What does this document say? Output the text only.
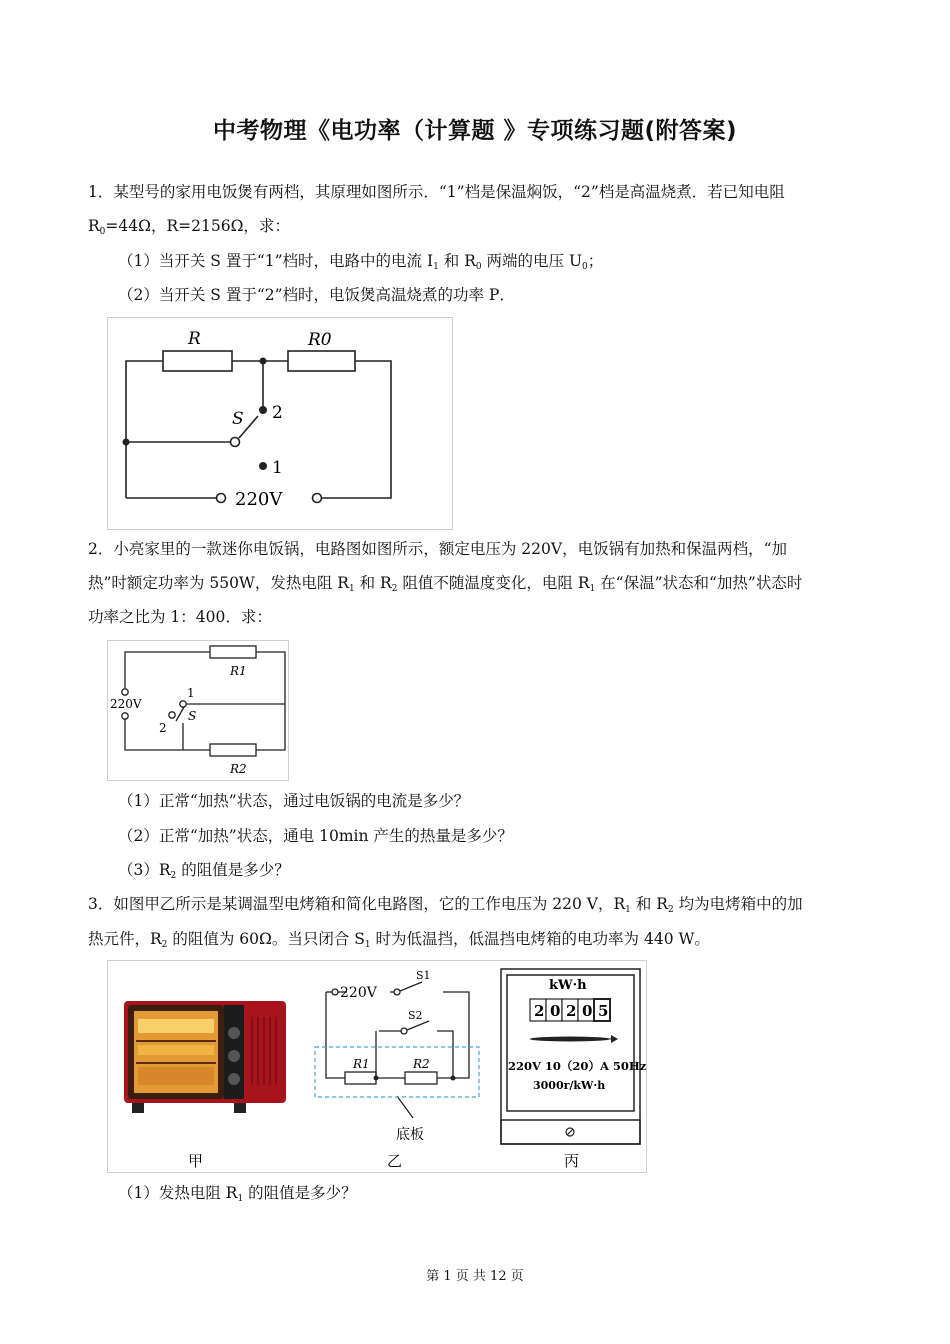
中考物理《电功率（计算题 》专项练习题(附答案)
1．某型号的家用电饭煲有两档，其原理如图所示．“1”档是保温焖饭，“2”档是高温烧煮．若已知电阻
$R_0=44\Omega$，R=2156Ω，求：
（1）当开关 S 置于“1”档时，电路中的电流 $I_1$ 和 $R_0$ 两端的电压 $U_0$；
（2）当开关 S 置于“2”档时，电饭煲高温烧煮的功率 P．
R	R0
S 2
1
220V
2．小亮家里的一款迷你电饭锅，电路图如图所示，额定电压为 220V，电饭锅有加热和保温两档，“加
热”时额定功率为 550W，发热电阻 $R_1$ 和 $R_2$ 阻值不随温度变化，电阻 $R_1$ 在“保温”状态和“加热”状态时
功率之比为 1：400．求：
R1
R2
220V
S
1
2
（1）正常“加热”状态，通过电饭锅的电流是多少？
（2）正常“加热”状态，通电 10min 产生的热量是多少？
$(3)R_2$ 的阻值是多少？
3．如图甲乙所示是某调温型电烤箱和简化电路图，它的工作电压为 220 V，$R_1$ 和 $R_2$ 均为电烤箱中的加
热元件，$R_2$ 的阻值为 60Ω。当只闭合 $S_1$ 时为低温挡，低温挡电烤箱的电功率为 440 W。
甲
220V
S1
S2
R1	R2
底板
乙
kW·h
2 0 2 0 5
220V 10（20）A 50Hz
3000r/kW·h
丙
（1）发热电阻 $R_1$ 的阻值是多少？
第 1 页 共 12 页
